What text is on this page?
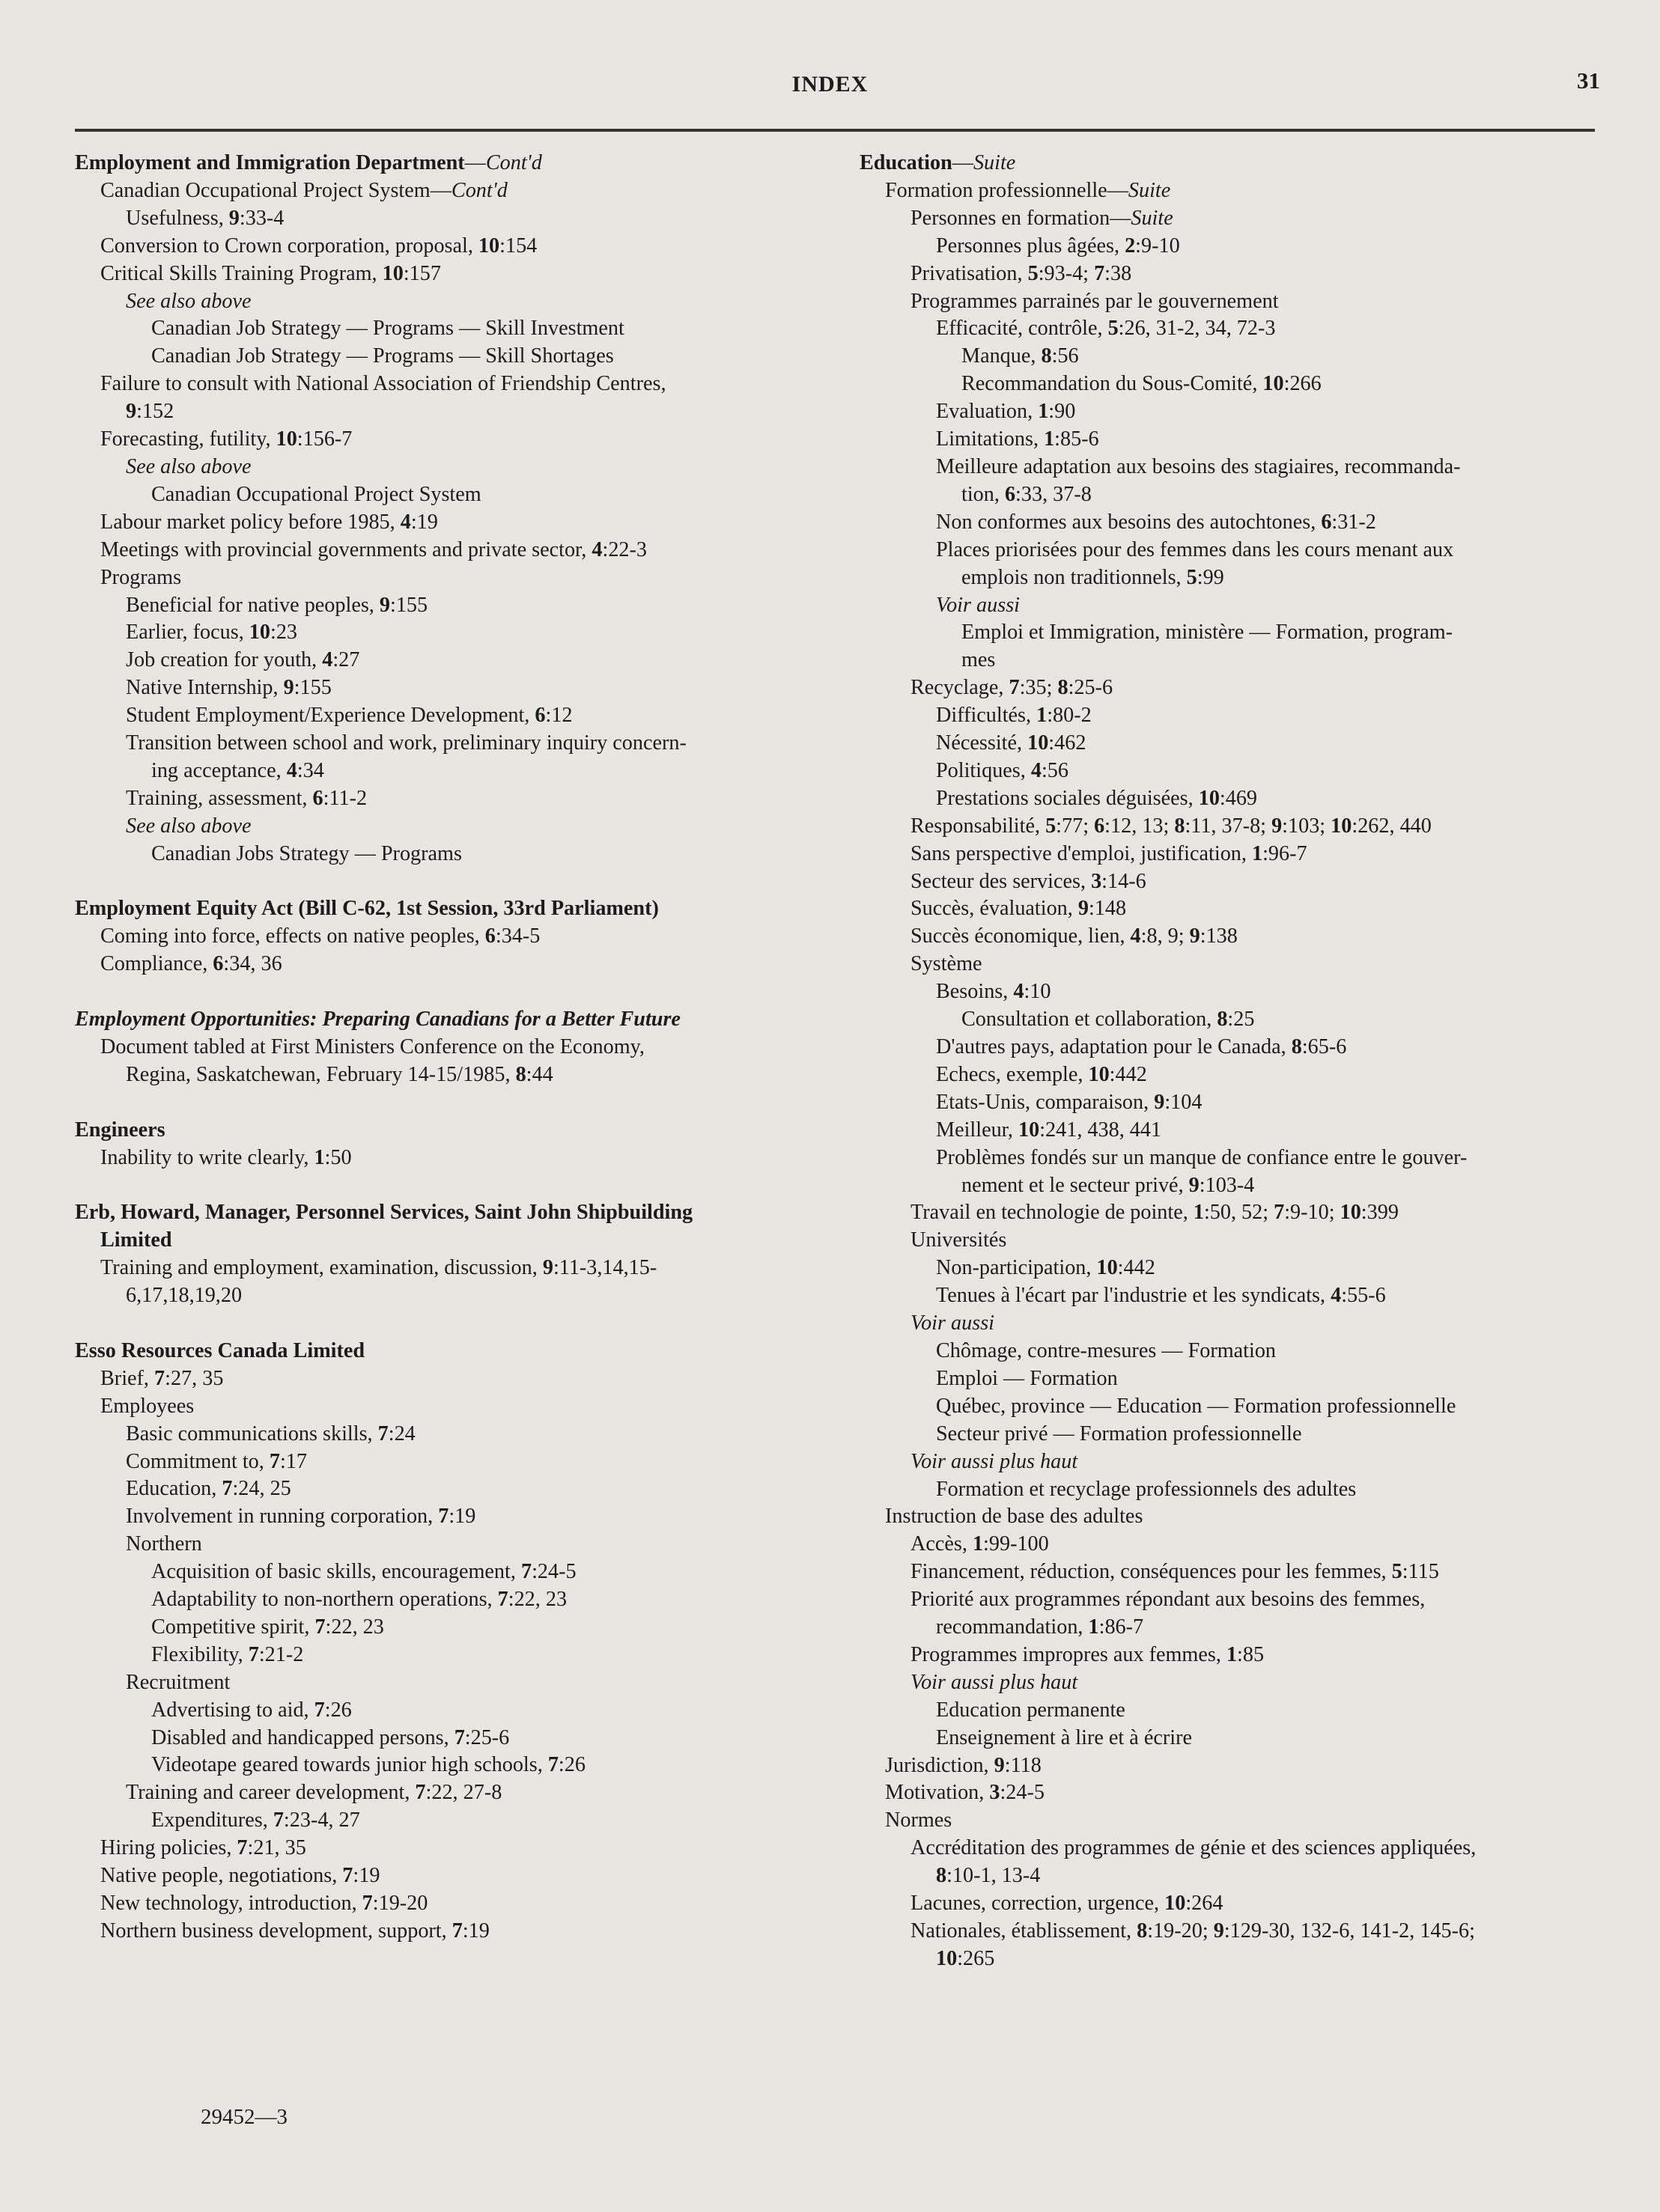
INDEX	31
Employment and Immigration Department—Cont'd
Canadian Occupational Project System—Cont'd
Usefulness, 9:33-4
Conversion to Crown corporation, proposal, 10:154
Critical Skills Training Program, 10:157
See also above
Canadian Job Strategy — Programs — Skill Investment
Canadian Job Strategy — Programs — Skill Shortages
Failure to consult with National Association of Friendship Centres,
9:152
Forecasting, futility, 10:156-7
See also above
Canadian Occupational Project System
Labour market policy before 1985, 4:19
Meetings with provincial governments and private sector, 4:22-3
Programs
Beneficial for native peoples, 9:155
Earlier, focus, 10:23
Job creation for youth, 4:27
Native Internship, 9:155
Student Employment/Experience Development, 6:12
Transition between school and work, preliminary inquiry concern-
ing acceptance, 4:34
Training, assessment, 6:11-2
See also above
Canadian Jobs Strategy — Programs
Employment Equity Act (Bill C-62, 1st Session, 33rd Parliament)
Coming into force, effects on native peoples, 6:34-5
Compliance, 6:34, 36
Employment Opportunities: Preparing Canadians for a Better Future
Document tabled at First Ministers Conference on the Economy,
Regina, Saskatchewan, February 14-15/1985, 8:44
Engineers
Inability to write clearly, 1:50
Erb, Howard, Manager, Personnel Services, Saint John Shipbuilding
Limited
Training and employment, examination, discussion, 9:11-3,14,15-
6,17,18,19,20
Esso Resources Canada Limited
Brief, 7:27, 35
Employees
Basic communications skills, 7:24
Commitment to, 7:17
Education, 7:24, 25
Involvement in running corporation, 7:19
Northern
Acquisition of basic skills, encouragement, 7:24-5
Adaptability to non-northern operations, 7:22, 23
Competitive spirit, 7:22, 23
Flexibility, 7:21-2
Recruitment
Advertising to aid, 7:26
Disabled and handicapped persons, 7:25-6
Videotape geared towards junior high schools, 7:26
Training and career development, 7:22, 27-8
Expenditures, 7:23-4, 27
Hiring policies, 7:21, 35
Native people, negotiations, 7:19
New technology, introduction, 7:19-20
Northern business development, support, 7:19
Education—Suite
Formation professionnelle—Suite
Personnes en formation—Suite
Personnes plus âgées, 2:9-10
Privatisation, 5:93-4; 7:38
Programmes parrainés par le gouvernement
Efficacité, contrôle, 5:26, 31-2, 34, 72-3
Manque, 8:56
Recommandation du Sous-Comité, 10:266
Evaluation, 1:90
Limitations, 1:85-6
Meilleure adaptation aux besoins des stagiaires, recommanda-
tion, 6:33, 37-8
Non conformes aux besoins des autochtones, 6:31-2
Places priorisées pour des femmes dans les cours menant aux
emplois non traditionnels, 5:99
Voir aussi
Emploi et Immigration, ministère — Formation, program-
mes
Recyclage, 7:35; 8:25-6
Difficultés, 1:80-2
Nécessité, 10:462
Politiques, 4:56
Prestations sociales déguisées, 10:469
Responsabilité, 5:77; 6:12, 13; 8:11, 37-8; 9:103; 10:262, 440
Sans perspective d'emploi, justification, 1:96-7
Secteur des services, 3:14-6
Succès, évaluation, 9:148
Succès économique, lien, 4:8, 9; 9:138
Système
Besoins, 4:10
Consultation et collaboration, 8:25
D'autres pays, adaptation pour le Canada, 8:65-6
Echecs, exemple, 10:442
Etats-Unis, comparaison, 9:104
Meilleur, 10:241, 438, 441
Problèmes fondés sur un manque de confiance entre le gouver-
nement et le secteur privé, 9:103-4
Travail en technologie de pointe, 1:50, 52; 7:9-10; 10:399
Universités
Non-participation, 10:442
Tenues à l'écart par l'industrie et les syndicats, 4:55-6
Voir aussi
Chômage, contre-mesures — Formation
Emploi — Formation
Québec, province — Education — Formation professionnelle
Secteur privé — Formation professionnelle
Voir aussi plus haut
Formation et recyclage professionnels des adultes
Instruction de base des adultes
Accès, 1:99-100
Financement, réduction, conséquences pour les femmes, 5:115
Priorité aux programmes répondant aux besoins des femmes,
recommandation, 1:86-7
Programmes impropres aux femmes, 1:85
Voir aussi plus haut
Education permanente
Enseignement à lire et à écrire
Jurisdiction, 9:118
Motivation, 3:24-5
Normes
Accréditation des programmes de génie et des sciences appliquées,
8:10-1, 13-4
Lacunes, correction, urgence, 10:264
Nationales, établissement, 8:19-20; 9:129-30, 132-6, 141-2, 145-6;
10:265
29452—3
